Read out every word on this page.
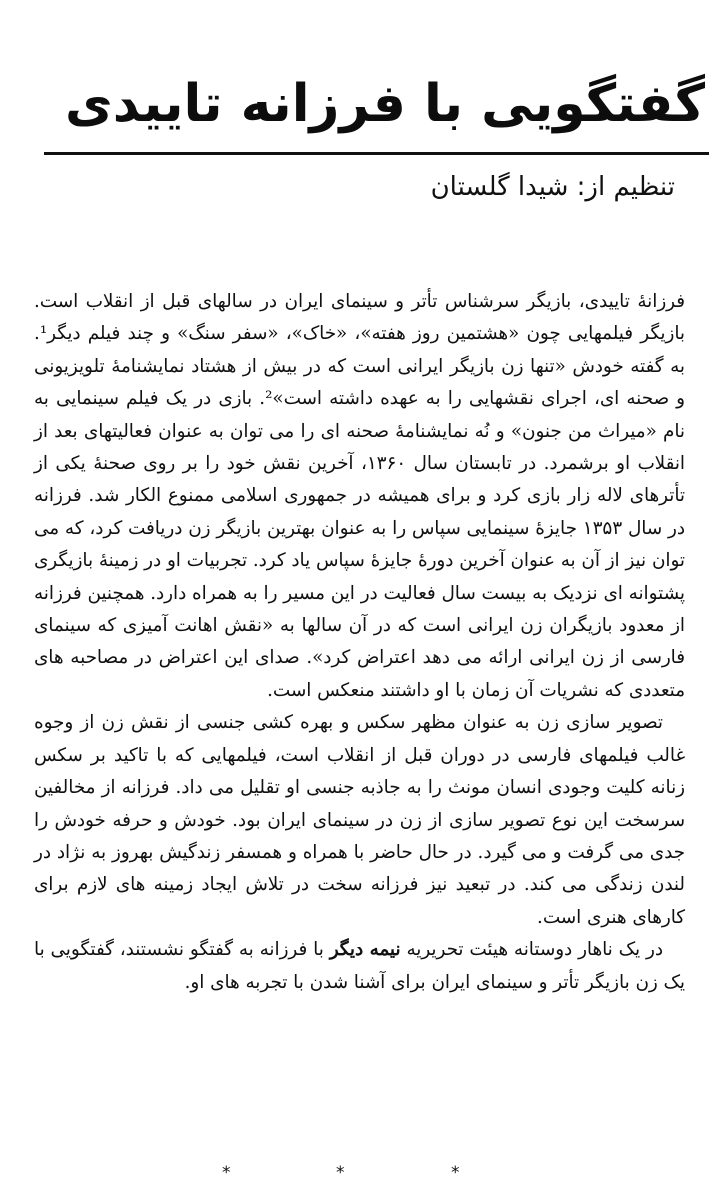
گفتگویی با فرزانه تاییدی

تنظیم از: شیدا گلستان

فرزانهٔ تاییدی، بازیگر سرشناس تأتر و سینمای ایران در سالهای قبل از انقلاب است. بازیگر فیلمهایی چون «هشتمین روز هفته»، «خاک»، «سفر سنگ» و چند فیلم دیگر¹. به گفته خودش «تنها زن بازیگر ایرانی است که در بیش از هشتاد نمایشنامهٔ تلویزیونی و صحنه ای، اجرای نقشهایی را به عهده داشته است»². بازی در یک فیلم سینمایی به نام «میراث من جنون» و نُه نمایشنامهٔ صحنه ای را می توان به عنوان فعالیتهای بعد از انقلاب او برشمرد. در تابستان سال ۱۳۶۰، آخرین نقش خود را بر روی صحنهٔ یکی از تأترهای لاله زار بازی کرد و برای همیشه در جمهوری اسلامی ممنوع الکار شد. فرزانه در سال ۱۳۵۳ جایزهٔ سینمایی سپاس را به عنوان بهترین بازیگر زن دریافت کرد، که می توان نیز از آن به عنوان آخرین دورهٔ جایزهٔ سپاس یاد کرد. تجربیات او در زمینهٔ بازیگری پشتوانه ای نزدیک به بیست سال فعالیت در این مسیر را به همراه دارد. همچنین فرزانه از معدود بازیگران زن ایرانی است که در آن سالها به «نقش اهانت آمیزی که سینمای فارسی از زن ایرانی ارائه می دهد اعتراض کرد». صدای این اعتراض در مصاحبه های متعددی که نشریات آن زمان با او داشتند منعکس است.

تصویر سازی زن به عنوان مظهر سکس و بهره کشی جنسی از نقش زن از وجوه غالب فیلمهای فارسی در دوران قبل از انقلاب است، فیلمهایی که با تاکید بر سکس زنانه کلیت وجودی انسان مونث را به جاذبه جنسی او تقلیل می داد. فرزانه از مخالفین سرسخت این نوع تصویر سازی از زن در سینمای ایران بود. خودش و حرفه خودش را جدی می گرفت و می گیرد. در حال حاضر با همراه و همسفر زندگیش بهروز به نژاد در لندن زندگی می کند. در تبعید نیز فرزانه سخت در تلاش ایجاد زمینه های لازم برای کارهای هنری است.

در یک ناهار دوستانه هیئت تحریریه نیمه دیگر با فرزانه به گفتگو نشستند، گفتگویی با یک زن بازیگر تأتر و سینمای ایران برای آشنا شدن با تجربه های او.

*	*	*
